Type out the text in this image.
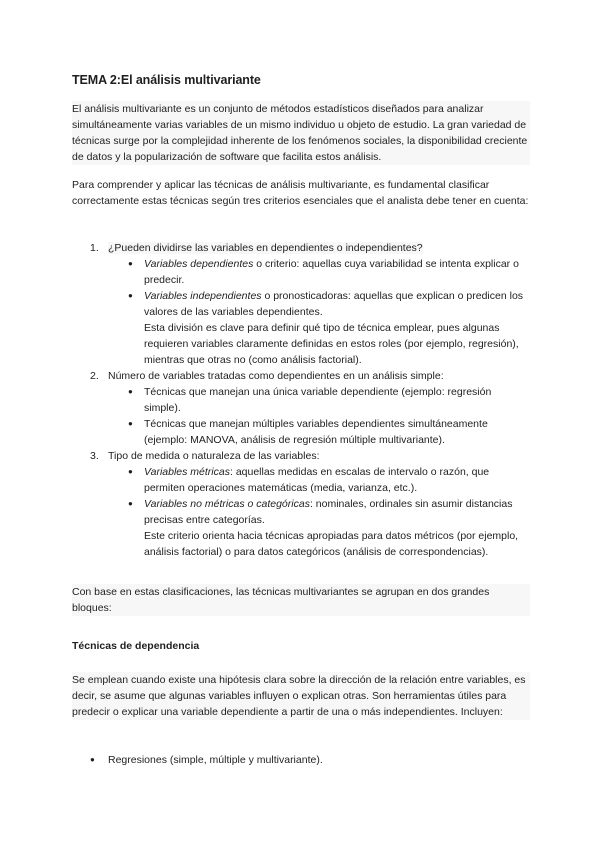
TEMA 2:El análisis multivariante

El análisis multivariante es un conjunto de métodos estadísticos diseñados para analizar simultáneamente varias variables de un mismo individuo u objeto de estudio. La gran variedad de técnicas surge por la complejidad inherente de los fenómenos sociales, la disponibilidad creciente de datos y la popularización de software que facilita estos análisis.

Para comprender y aplicar las técnicas de análisis multivariante, es fundamental clasificar correctamente estas técnicas según tres criterios esenciales que el analista debe tener en cuenta:

1. ¿Pueden dividirse las variables en dependientes o independientes?
● Variables dependientes o criterio: aquellas cuya variabilidad se intenta explicar o predecir.
● Variables independientes o pronosticadoras: aquellas que explican o predicen los valores de las variables dependientes.
Esta división es clave para definir qué tipo de técnica emplear, pues algunas requieren variables claramente definidas en estos roles (por ejemplo, regresión), mientras que otras no (como análisis factorial).
2. Número de variables tratadas como dependientes en un análisis simple:
● Técnicas que manejan una única variable dependiente (ejemplo: regresión simple).
● Técnicas que manejan múltiples variables dependientes simultáneamente (ejemplo: MANOVA, análisis de regresión múltiple multivariante).
3. Tipo de medida o naturaleza de las variables:
● Variables métricas: aquellas medidas en escalas de intervalo o razón, que permiten operaciones matemáticas (media, varianza, etc.).
● Variables no métricas o categóricas: nominales, ordinales sin asumir distancias precisas entre categorías.
Este criterio orienta hacia técnicas apropiadas para datos métricos (por ejemplo, análisis factorial) o para datos categóricos (análisis de correspondencias).

Con base en estas clasificaciones, las técnicas multivariantes se agrupan en dos grandes bloques:

Técnicas de dependencia

Se emplean cuando existe una hipótesis clara sobre la dirección de la relación entre variables, es decir, se asume que algunas variables influyen o explican otras. Son herramientas útiles para predecir o explicar una variable dependiente a partir de una o más independientes. Incluyen:

● Regresiones (simple, múltiple y multivariante).
